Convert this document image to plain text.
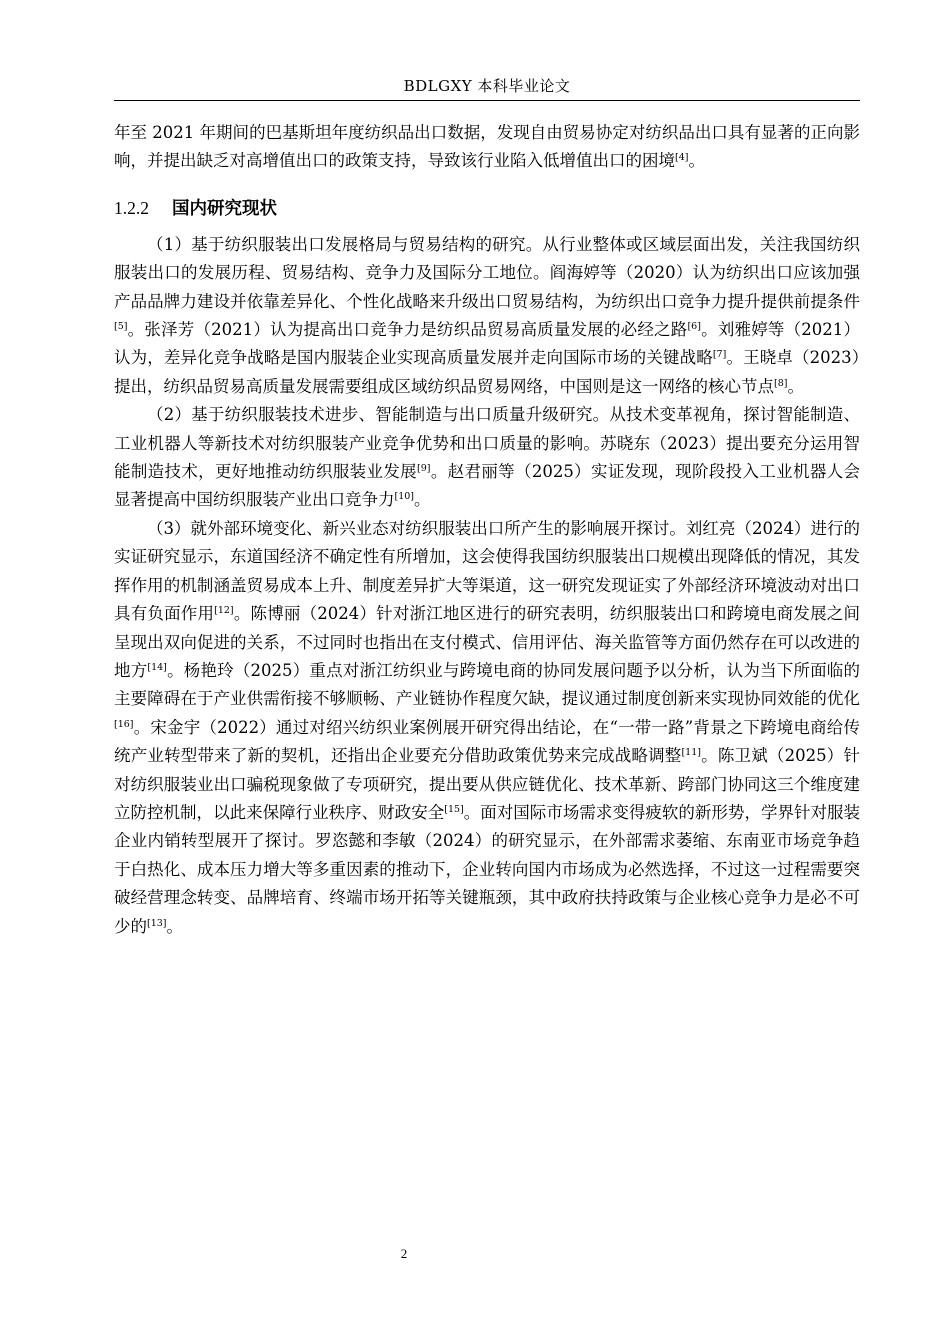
BDLGXY 本科毕业论文

年至 2021 年期间的巴基斯坦年度纺织品出口数据，发现自由贸易协定对纺织品出口具有显著的正向影响，并提出缺乏对高增值出口的政策支持，导致该行业陷入低增值出口的困境[4]。

1.2.2 国内研究现状

（1）基于纺织服装出口发展格局与贸易结构的研究。从行业整体或区域层面出发，关注我国纺织服装出口的发展历程、贸易结构、竞争力及国际分工地位。阎海婷等（2020）认为纺织出口应该加强产品品牌力建设并依靠差异化、个性化战略来升级出口贸易结构，为纺织出口竞争力提升提供前提条件[5]。张泽芳（2021）认为提高出口竞争力是纺织品贸易高质量发展的必经之路[6]。刘雅婷等（2021）认为，差异化竞争战略是国内服装企业实现高质量发展并走向国际市场的关键战略[7]。王晓卓（2023）提出，纺织品贸易高质量发展需要组成区域纺织品贸易网络，中国则是这一网络的核心节点[8]。

（2）基于纺织服装技术进步、智能制造与出口质量升级研究。从技术变革视角，探讨智能制造、工业机器人等新技术对纺织服装产业竞争优势和出口质量的影响。苏晓东（2023）提出要充分运用智能制造技术，更好地推动纺织服装业发展[9]。赵君丽等（2025）实证发现，现阶段投入工业机器人会显著提高中国纺织服装产业出口竞争力[10]。

（3）就外部环境变化、新兴业态对纺织服装出口所产生的影响展开探讨。刘红亮（2024）进行的实证研究显示，东道国经济不确定性有所增加，这会使得我国纺织服装出口规模出现降低的情况，其发挥作用的机制涵盖贸易成本上升、制度差异扩大等渠道，这一研究发现证实了外部经济环境波动对出口具有负面作用[12]。陈博丽（2024）针对浙江地区进行的研究表明，纺织服装出口和跨境电商发展之间呈现出双向促进的关系，不过同时也指出在支付模式、信用评估、海关监管等方面仍然存在可以改进的地方[14]。杨艳玲（2025）重点对浙江纺织业与跨境电商的协同发展问题予以分析，认为当下所面临的主要障碍在于产业供需衔接不够顺畅、产业链协作程度欠缺，提议通过制度创新来实现协同效能的优化[16]。宋金宇（2022）通过对绍兴纺织业案例展开研究得出结论，在“一带一路”背景之下跨境电商给传统产业转型带来了新的契机，还指出企业要充分借助政策优势来完成战略调整[11]。陈卫斌（2025）针对纺织服装业出口骗税现象做了专项研究，提出要从供应链优化、技术革新、跨部门协同这三个维度建立防控机制，以此来保障行业秩序、财政安全[15]。面对国际市场需求变得疲软的新形势，学界针对服装企业内销转型展开了探讨。罗恣懿和李敏（2024）的研究显示，在外部需求萎缩、东南亚市场竞争趋于白热化、成本压力增大等多重因素的推动下，企业转向国内市场成为必然选择，不过这一过程需要突破经营理念转变、品牌培育、终端市场开拓等关键瓶颈，其中政府扶持政策与企业核心竞争力是必不可少的[13]。

2
